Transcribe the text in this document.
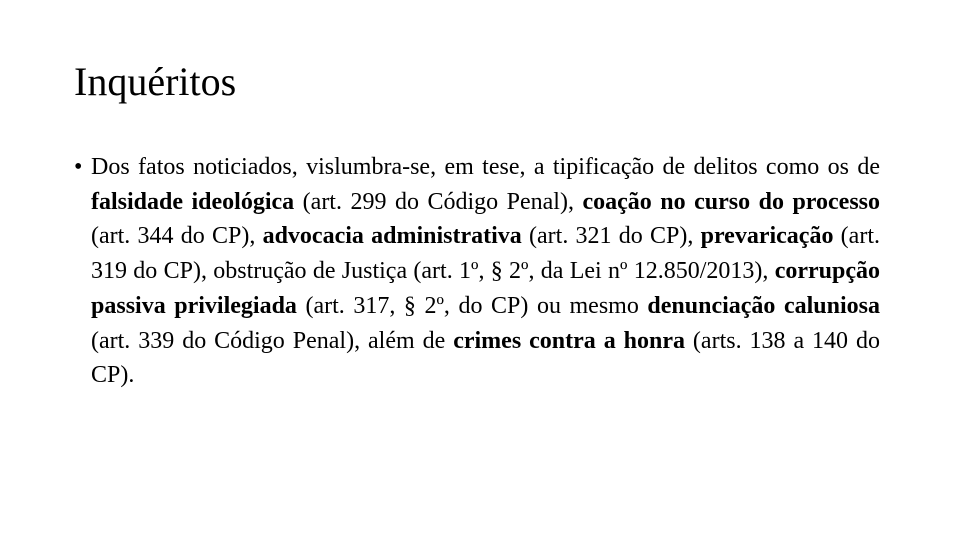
Inquéritos
• Dos fatos noticiados, vislumbra-se, em tese, a tipificação de delitos como os de falsidade ideológica (art. 299 do Código Penal), coação no curso do processo (art. 344 do CP), advocacia administrativa (art. 321 do CP), prevaricação (art. 319 do CP), obstrução de Justiça (art. 1º, § 2º, da Lei nº 12.850/2013), corrupção passiva privilegiada (art. 317, § 2º, do CP) ou mesmo denunciação caluniosa (art. 339 do Código Penal), além de crimes contra a honra (arts. 138 a 140 do CP).
